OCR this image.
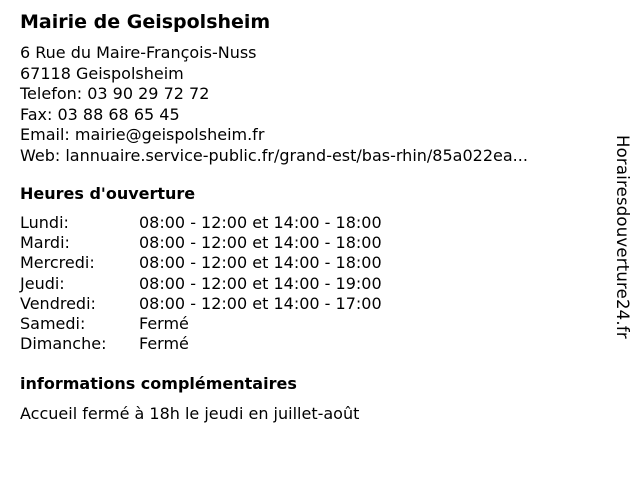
Mairie de Geispolsheim
6 Rue du Maire-François-Nuss
67118 Geispolsheim
Telefon: 03 90 29 72 72
Fax: 03 88 68 65 45
Email: mairie@geispolsheim.fr
Web: lannuaire.service-public.fr/grand-est/bas-rhin/85a022ea...
Heures d'ouverture
Lundi:	08:00 - 12:00 et 14:00 - 18:00
Mardi:	08:00 - 12:00 et 14:00 - 18:00
Mercredi:	08:00 - 12:00 et 14:00 - 18:00
Jeudi:	08:00 - 12:00 et 14:00 - 19:00
Vendredi:	08:00 - 12:00 et 14:00 - 17:00
Samedi:	Fermé
Dimanche: Fermé
informations complémentaires
Accueil fermé à 18h le jeudi en juillet-août
Horairesdouverture24.fr
